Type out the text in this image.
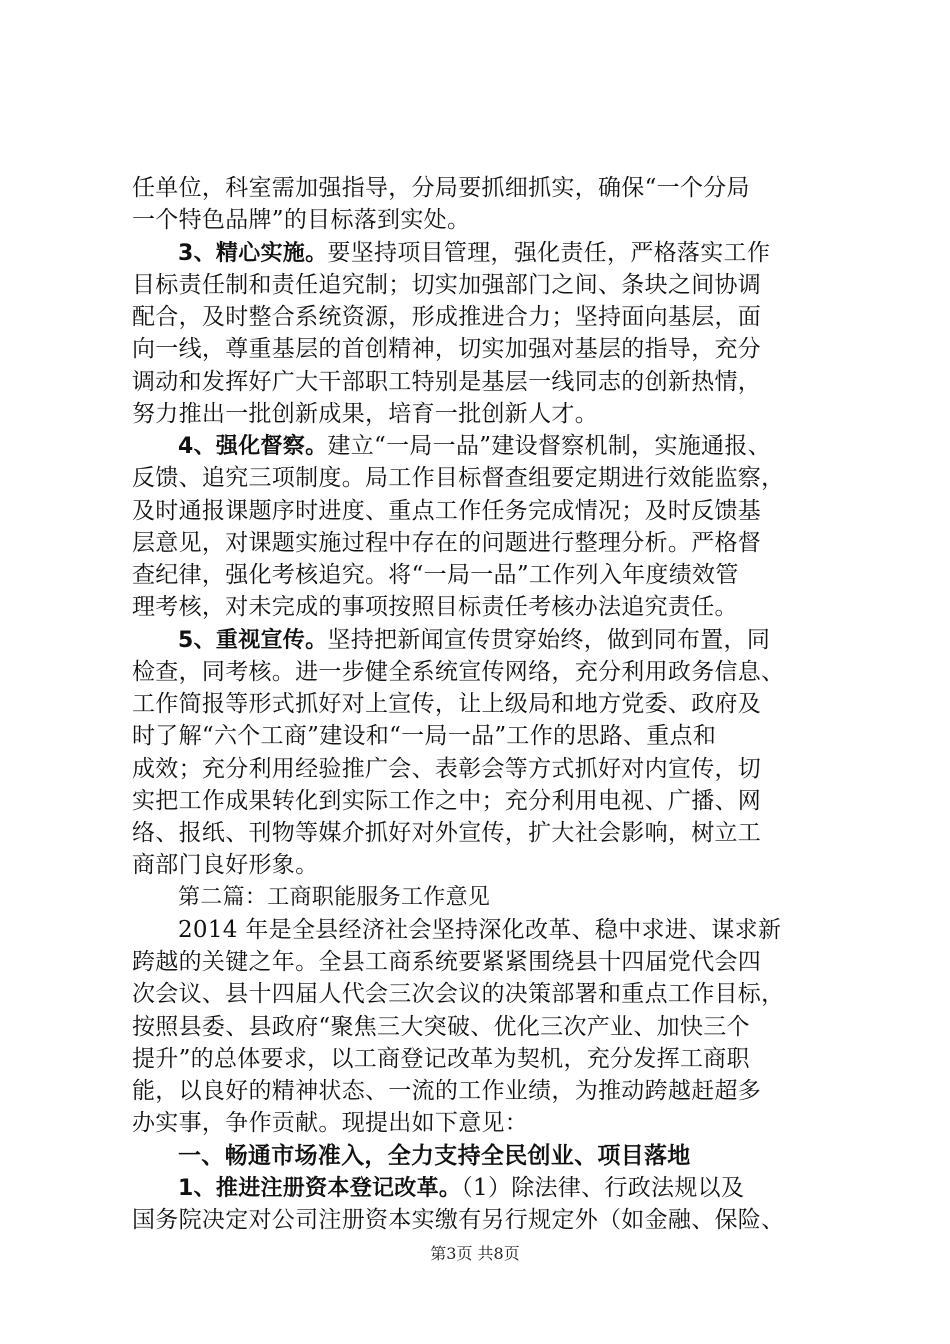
任单位，科室需加强指导，分局要抓细抓实，确保“一个分局
一个特色品牌”的目标落到实处。
3、精心实施。要坚持项目管理，强化责任，严格落实工作
目标责任制和责任追究制；切实加强部门之间、条块之间协调
配合，及时整合系统资源，形成推进合力；坚持面向基层，面
向一线，尊重基层的首创精神，切实加强对基层的指导，充分
调动和发挥好广大干部职工特别是基层一线同志的创新热情，
努力推出一批创新成果，培育一批创新人才。
4、强化督察。建立“一局一品”建设督察机制，实施通报、
反馈、追究三项制度。局工作目标督查组要定期进行效能监察，
及时通报课题序时进度、重点工作任务完成情况；及时反馈基
层意见，对课题实施过程中存在的问题进行整理分析。严格督
查纪律，强化考核追究。将“一局一品”工作列入年度绩效管
理考核，对未完成的事项按照目标责任考核办法追究责任。
5、重视宣传。坚持把新闻宣传贯穿始终，做到同布置，同
检查，同考核。进一步健全系统宣传网络，充分利用政务信息、
工作简报等形式抓好对上宣传，让上级局和地方党委、政府及
时了解“六个工商”建设和“一局一品”工作的思路、重点和
成效；充分利用经验推广会、表彰会等方式抓好对内宣传，切
实把工作成果转化到实际工作之中；充分利用电视、广播、网
络、报纸、刊物等媒介抓好对外宣传，扩大社会影响，树立工
商部门良好形象。
第二篇：工商职能服务工作意见
2014 年是全县经济社会坚持深化改革、稳中求进、谋求新
跨越的关键之年。全县工商系统要紧紧围绕县十四届党代会四
次会议、县十四届人代会三次会议的决策部署和重点工作目标，
按照县委、县政府“聚焦三大突破、优化三次产业、加快三个
提升”的总体要求，以工商登记改革为契机，充分发挥工商职
能，以良好的精神状态、一流的工作业绩，为推动跨越赶超多
办实事，争作贡献。现提出如下意见：
一、畅通市场准入，全力支持全民创业、项目落地
1、推进注册资本登记改革。（1）除法律、行政法规以及
国务院决定对公司注册资本实缴有另行规定外（如金融、保险、
第3页 共8页
